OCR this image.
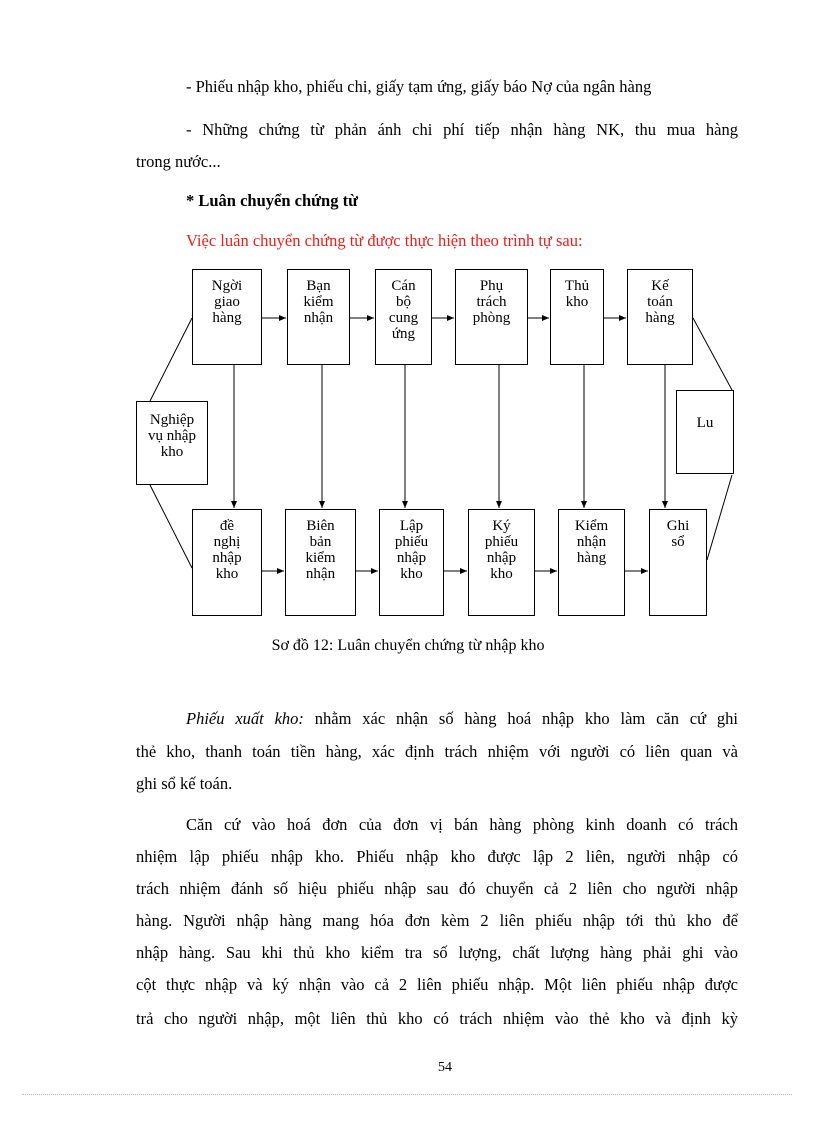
- Phiếu nhập kho, phiếu chi, giấy tạm ứng, giấy báo Nợ của ngân hàng
- Những chứng từ phản ánh chi phí tiếp nhận hàng NK, thu mua hàng
trong nước...
* Luân chuyển chứng từ
Việc luân chuyển chứng từ được thực hiện theo trình tự sau:
Ngời
giao
hàng
Bạn
kiểm
nhận
Cán
bộ
cung
ứng
Phụ
trách
phòng
Thủ
kho
Kế
toán
hàng
Nghiệp
vụ nhập
kho
Lu
đề
nghị
nhập
kho
Biên
bản
kiểm
nhận
Lập
phiếu
nhập
kho
Ký
phiếu
nhập
kho
Kiểm
nhận
hàng
Ghi
sổ
Sơ đồ 12: Luân chuyển chứng từ nhập kho
Phiếu xuất kho: nhằm xác nhận số hàng hoá nhập kho làm căn cứ ghi
thẻ kho, thanh toán tiền hàng, xác định trách nhiệm với người có liên quan và
ghi sổ kế toán.
Căn cứ vào hoá đơn của đơn vị bán hàng phòng kinh doanh có trách
nhiệm lập phiếu nhập kho. Phiếu nhập kho được lập 2 liên, người nhập có
trách nhiệm đánh số hiệu phiếu nhập sau đó chuyển cả 2 liên cho người nhập
hàng. Người nhập hàng mang hóa đơn kèm 2 liên phiếu nhập tới thủ kho để
nhập hàng. Sau khi thủ kho kiểm tra số lượng, chất lượng hàng phải ghi vào
cột thực nhập và ký nhận vào cả 2 liên phiếu nhập. Một liên phiếu nhập được
trả cho người nhập, một liên thủ kho có trách nhiệm vào thẻ kho và định kỳ
54
